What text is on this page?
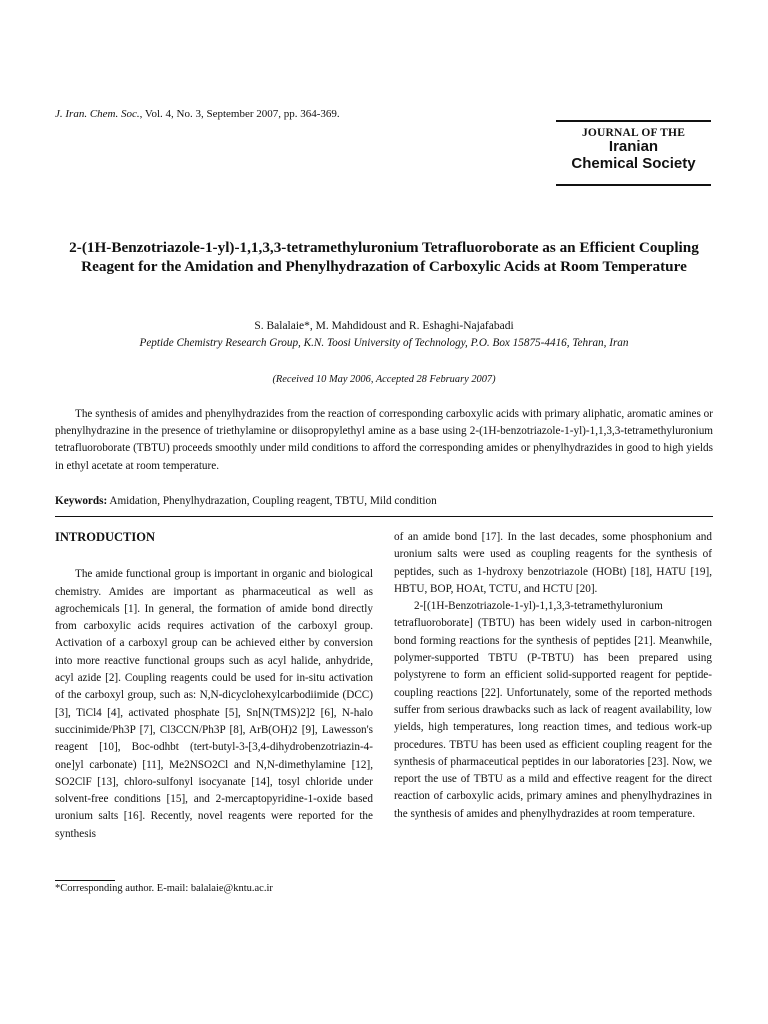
J. Iran. Chem. Soc., Vol. 4, No. 3, September 2007, pp. 364-369.
JOURNAL OF THE
Iranian
Chemical Society
2-(1H-Benzotriazole-1-yl)-1,1,3,3-tetramethyluronium Tetrafluoroborate as an Efficient Coupling Reagent for the Amidation and Phenylhydrazation of Carboxylic Acids at Room Temperature
S. Balalaie*, M. Mahdidoust and R. Eshaghi-Najafabadi
Peptide Chemistry Research Group, K.N. Toosi University of Technology, P.O. Box 15875-4416, Tehran, Iran
(Received 10 May 2006, Accepted 28 February 2007)
The synthesis of amides and phenylhydrazides from the reaction of corresponding carboxylic acids with primary aliphatic, aromatic amines or phenylhydrazine in the presence of triethylamine or diisopropylethyl amine as a base using 2-(1H-benzotriazole-1-yl)-1,1,3,3-tetramethyluronium tetrafluoroborate (TBTU) proceeds smoothly under mild conditions to afford the corresponding amides or phenylhydrazides in good to high yields in ethyl acetate at room temperature.
Keywords: Amidation, Phenylhydrazation, Coupling reagent, TBTU, Mild condition

INTRODUCTION

The amide functional group is important in organic and biological chemistry. Amides are important as pharmaceutical as well as agrochemicals [1]. In general, the formation of amide bond directly from carboxylic acids requires activation of the carboxyl group. Activation of a carboxyl group can be achieved either by conversion into more reactive functional groups such as acyl halide, anhydride, acyl azide [2]. Coupling reagents could be used for in-situ activation of the carboxyl group, such as: N,N-dicyclohexylcarbodiimide (DCC) [3], TiCl4 [4], activated phosphate [5], Sn[N(TMS)2]2 [6], N-halo succinimide/Ph3P [7], Cl3CCN/Ph3P [8], ArB(OH)2 [9], Lawesson's reagent [10], Boc-odhbt (tert-butyl-3-[3,4-dihydrobenzotriazin-4-one]yl carbonate) [11], Me2NSO2Cl and N,N-dimethylamine [12], SO2ClF [13], chloro-sulfonyl isocyanate [14], tosyl chloride under solvent-free conditions [15], and 2-mercaptopyridine-1-oxide based uronium salts [16]. Recently, novel reagents were reported for the synthesis

of an amide bond [17]. In the last decades, some phosphonium and uronium salts were used as coupling reagents for the synthesis of peptides, such as 1-hydroxy benzotriazole (HOBt) [18], HATU [19], HBTU, BOP, HOAt, TCTU, and HCTU [20].

2-[(1H-Benzotriazole-1-yl)-1,1,3,3-tetramethyluronium tetrafluoroborate] (TBTU) has been widely used in carbon-nitrogen bond forming reactions for the synthesis of peptides [21]. Meanwhile, polymer-supported TBTU (P-TBTU) has been prepared using polystyrene to form an efficient solid-supported reagent for peptide-coupling reactions [22]. Unfortunately, some of the reported methods suffer from serious drawbacks such as lack of reagent availability, low yields, high temperatures, long reaction times, and tedious work-up procedures. TBTU has been used as efficient coupling reagent for the synthesis of pharmaceutical peptides in our laboratories [23]. Now, we report the use of TBTU as a mild and effective reagent for the direct reaction of carboxylic acids, primary amines and phenylhydrazines in the synthesis of amides and phenylhydrazides at room temperature.

*Corresponding author. E-mail: balalaie@kntu.ac.ir
